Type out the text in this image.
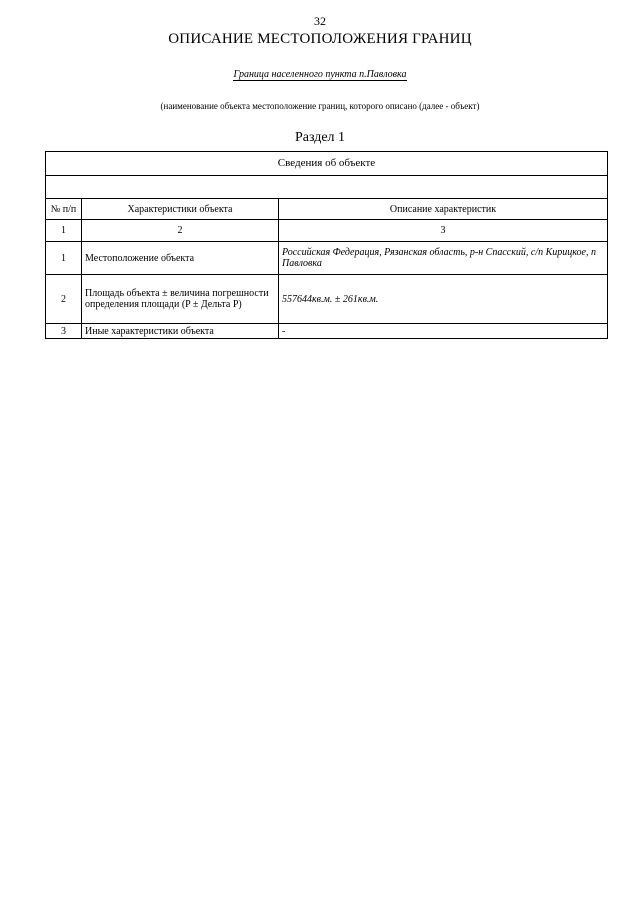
32
ОПИСАНИЕ МЕСТОПОЛОЖЕНИЯ ГРАНИЦ
Граница населенного пункта п.Павловка
(наименование объекта местоположение границ, которого описано (далее - объект)
Раздел 1
Сведения об объекте		

№ п/п	Характеристики объекта	Описание характеристик
1	2	3
1	Местоположение объекта	Российская Федерация, Рязанская область, р-н Спасский, с/п Кирицкое, п Павловка
2	Площадь объекта ± величина погрешности определения площади (P ± Дельта P)	557644кв.м. ± 261кв.м.
3	Иные характеристики объекта	-
